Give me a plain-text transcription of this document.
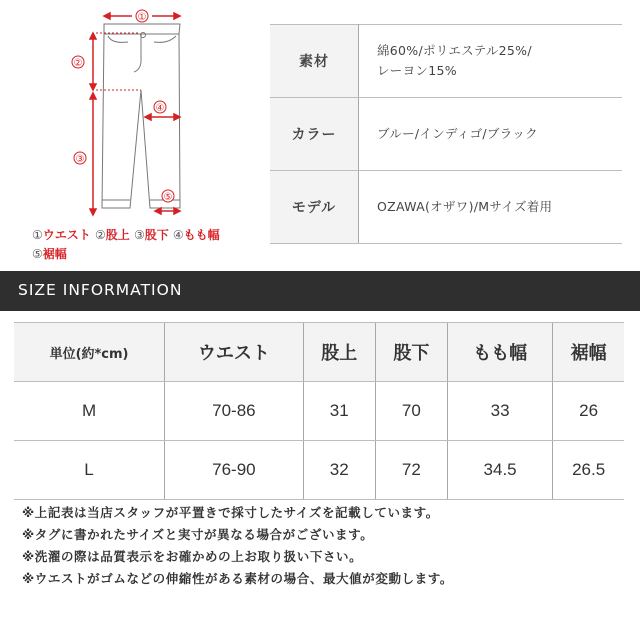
①
②
③
④
⑤
①ウエスト ②股上 ③股下 ④もも幅
⑤裾幅
素材	綿60%/ポリエステル25%/
レーヨン15%

カラー	ブルー/インディゴ/ブラック
モデル	OZAWA(オザワ)/Mサイズ着用
SIZE INFORMATION
単位(約*cm)	ウエスト	股上	股下	もも幅	裾幅
M	70-86	31	70	33	26
L	76-90	32	72	34.5	26.5
※上記表は当店スタッフが平置きで採寸したサイズを記載しています。
※タグに書かれたサイズと実寸が異なる場合がございます。
※洗濯の際は品質表示をお確かめの上お取り扱い下さい。
※ウエストがゴムなどの伸縮性がある素材の場合、最大値が変動します。
